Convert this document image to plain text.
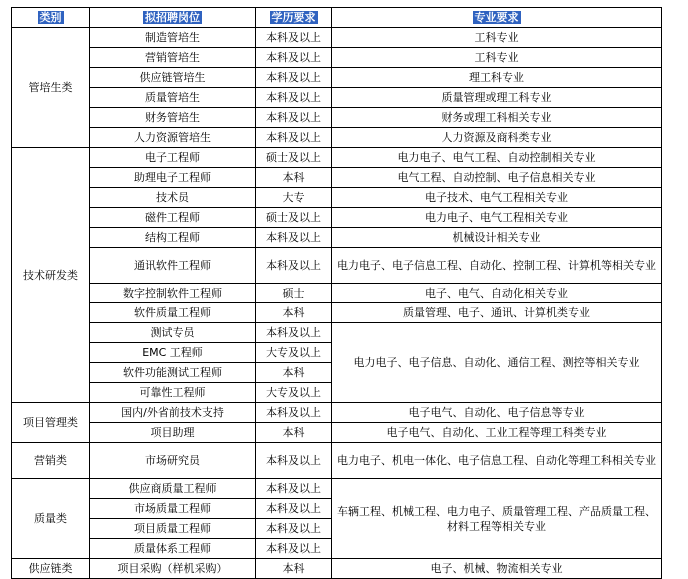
类别	拟招聘岗位	学历要求	专业要求
管培生类	制造管培生	本科及以上	工科专业
	营销管培生	本科及以上	工科专业
	供应链管培生	本科及以上	理工科专业
	质量管培生	本科及以上	质量管理或理工科专业
	财务管培生	本科及以上	财务或理工科相关专业
	人力资源管培生	本科及以上	人力资源及商科类专业
技术研发类	电子工程师	硕士及以上	电力电子、电气工程、自动控制相关专业
	助理电子工程师	本科	电气工程、自动控制、电子信息相关专业
	技术员	大专	电子技术、电气工程相关专业
	磁件工程师	硕士及以上	电力电子、电气工程相关专业
	结构工程师	本科及以上	机械设计相关专业
	通讯软件工程师	本科及以上	电力电子、电子信息工程、自动化、控制工程、计算机等相关专业
	数字控制软件工程师	硕士	电子、电气、自动化相关专业
	软件质量工程师	本科	质量管理、电子、通讯、计算机类专业
	测试专员	本科及以上	电力电子、电子信息、自动化、通信工程、测控等相关专业
	EMC 工程师	大专及以上	
	软件功能测试工程师	本科	
	可靠性工程师	大专及以上	
项目管理类	国内/外省前技术支持	本科及以上	电子电气、自动化、电子信息等专业
	项目助理	本科	电子电气、自动化、工业工程等理工科类专业
营销类	市场研究员	本科及以上	电力电子、机电一体化、电子信息工程、自动化等理工科相关专业
质量类	供应商质量工程师	本科及以上	车辆工程、机械工程、电力电子、质量管理工程、产品质量工程、材料工程等相关专业
	市场质量工程师	本科及以上	
	项目质量工程师	本科及以上	
	质量体系工程师	本科及以上	
供应链类	项目采购（样机采购）	本科	电子、机械、物流相关专业
